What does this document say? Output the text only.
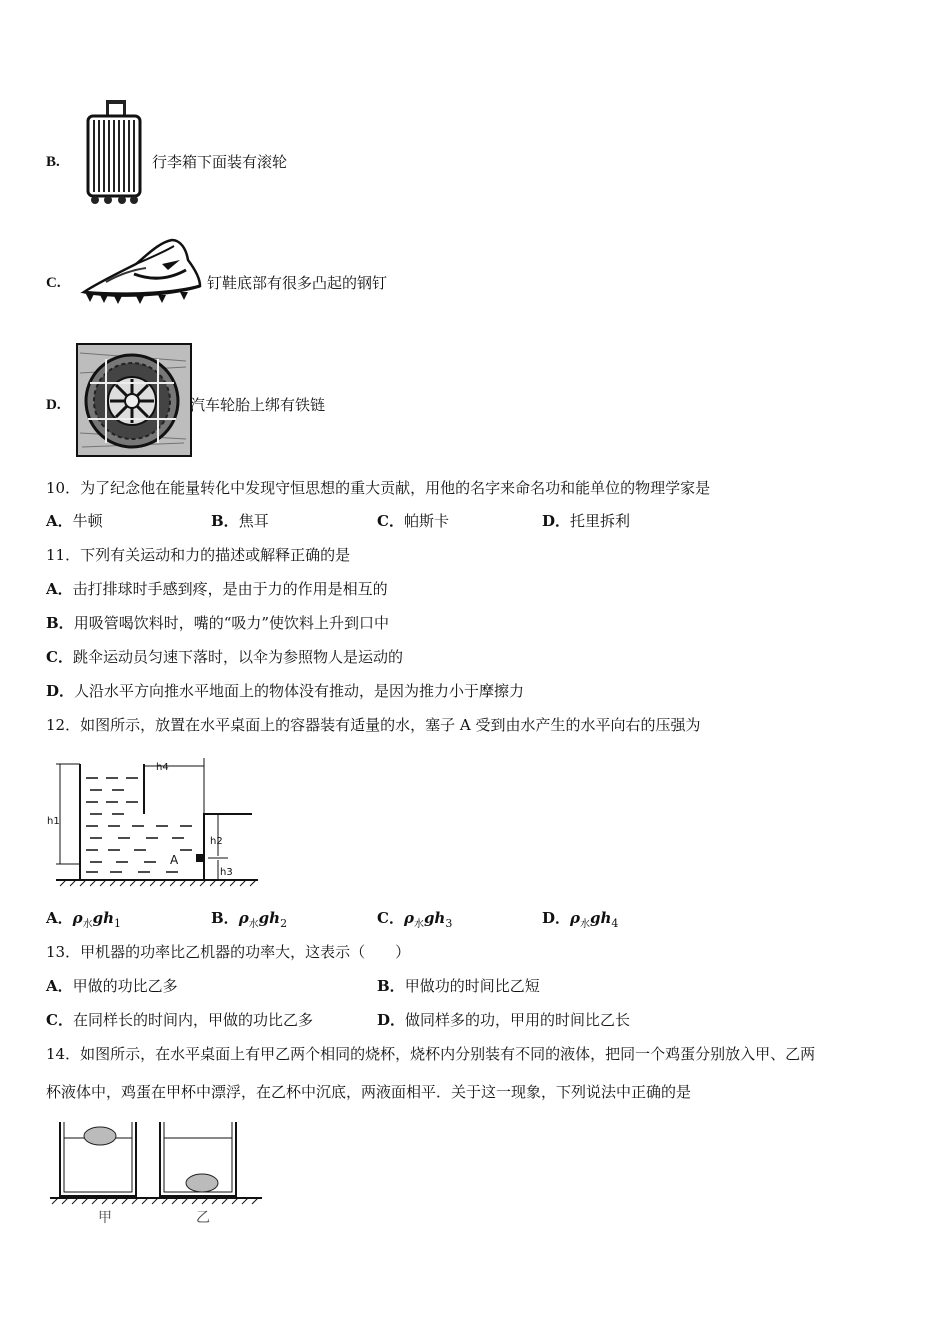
B.	行李箱下面装有滚轮
C.	钉鞋底部有很多凸起的钢钉
D.	汽车轮胎上绑有铁链
10．为了纪念他在能量转化中发现守恒思想的重大贡献，用他的名字来命名功和能单位的物理学家是
A．牛顿	B．焦耳	C．帕斯卡	D．托里拆利
11．下列有关运动和力的描述或解释正确的是
A．击打排球时手感到疼，是由于力的作用是相互的
B．用吸管喝饮料时，嘴的“吸力”使饮料上升到口中
C．跳伞运动员匀速下落时，以伞为参照物人是运动的
D．人沿水平方向推水平地面上的物体没有推动，是因为推力小于摩擦力
12．如图所示，放置在水平桌面上的容器装有适量的水，塞子 A 受到由水产生的水平向右的压强为
h4
h1
h2
h3
A
A．$\rho_水gh_1$	B．$\rho_水gh_2$	C．$\rho_水gh_3$	D．$\rho_水gh_4$
13．甲机器的功率比乙机器的功率大，这表示（　　）
A．甲做的功比乙多	B．甲做功的时间比乙短
C．在同样长的时间内，甲做的功比乙多	D．做同样多的功，甲用的时间比乙长
14．如图所示，在水平桌面上有甲乙两个相同的烧杯，烧杯内分别装有不同的液体，把同一个鸡蛋分别放入甲、乙两
杯液体中，鸡蛋在甲杯中漂浮，在乙杯中沉底，两液面相平．关于这一现象，下列说法中正确的是
甲	乙
